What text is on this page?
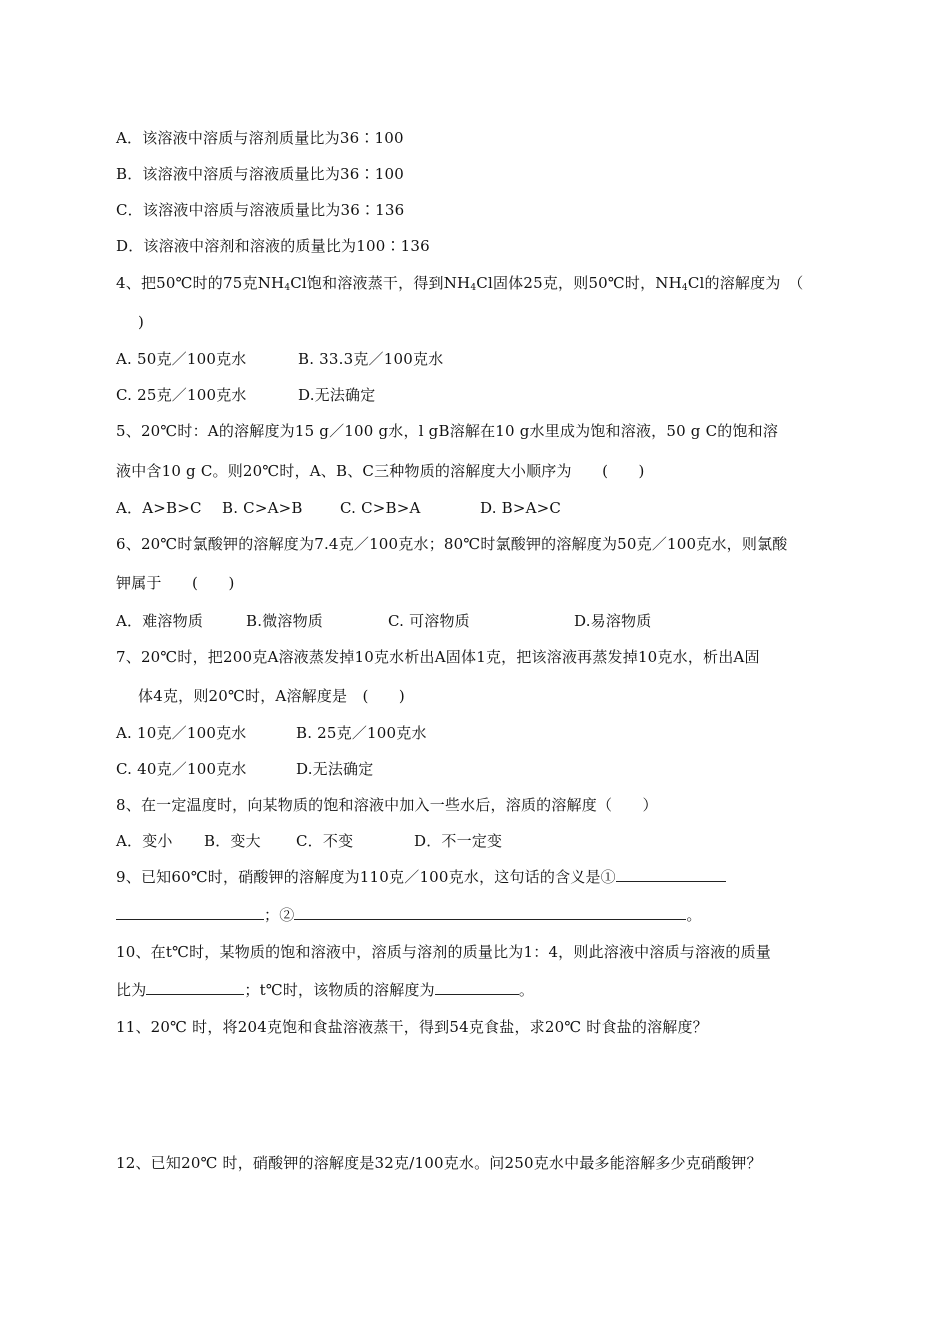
A．该溶液中溶质与溶剂质量比为36∶100
B．该溶液中溶质与溶液质量比为36∶100
C．该溶液中溶质与溶液质量比为36∶136
D．该溶液中溶剂和溶液的质量比为100∶136
4、把50℃时的75克$NH_4Cl$饱和溶液蒸干，得到$NH_4Cl$固体25克，则50℃时，$NH_4Cl$的溶解度为　（
)
A. 50克／100克水	B. 33.3克／100克水
C. 25克／100克水	D.无法确定
5、20℃时：A的溶解度为15 g／100 g水，l gB溶解在10 g水里成为饱和溶液，50 g C的饱和溶
液中含10 g C。则20℃时，A、B、C三种物质的溶解度大小顺序为　　(　　)
A．A>B>C B. C>A>B C. C>B>A	D. B>A>C
6、20℃时氯酸钾的溶解度为7.4克／100克水；80℃时氯酸钾的溶解度为50克／100克水，则氯酸
钾属于　　(　　)
A．难溶物质	B.微溶物质	C. 可溶物质	D.易溶物质
7、20℃时，把200克A溶液蒸发掉10克水析出A固体1克，把该溶液再蒸发掉10克水，析出A固
体4克，则20℃时，A溶解度是　(　　)
A. 10克／100克水	B. 25克／100克水
C. 40克／100克水	D.无法确定
8、在一定温度时，向某物质的饱和溶液中加入一些水后，溶质的溶解度（　　）
A．变小 B．变大 C．不变	D．不一定变
9、已知60℃时，硝酸钾的溶解度为110克／100克水，这句话的含义是①
；②	。
10、在t℃时，某物质的饱和溶液中，溶质与溶剂的质量比为1：4，则此溶液中溶质与溶液的质量
比为	；t℃时，该物质的溶解度为	。
11、20℃ 时，将204克饱和食盐溶液蒸干，得到54克食盐，求20℃ 时食盐的溶解度？
12、已知20℃ 时，硝酸钾的溶解度是32克/100克水。问250克水中最多能溶解多少克硝酸钾？
